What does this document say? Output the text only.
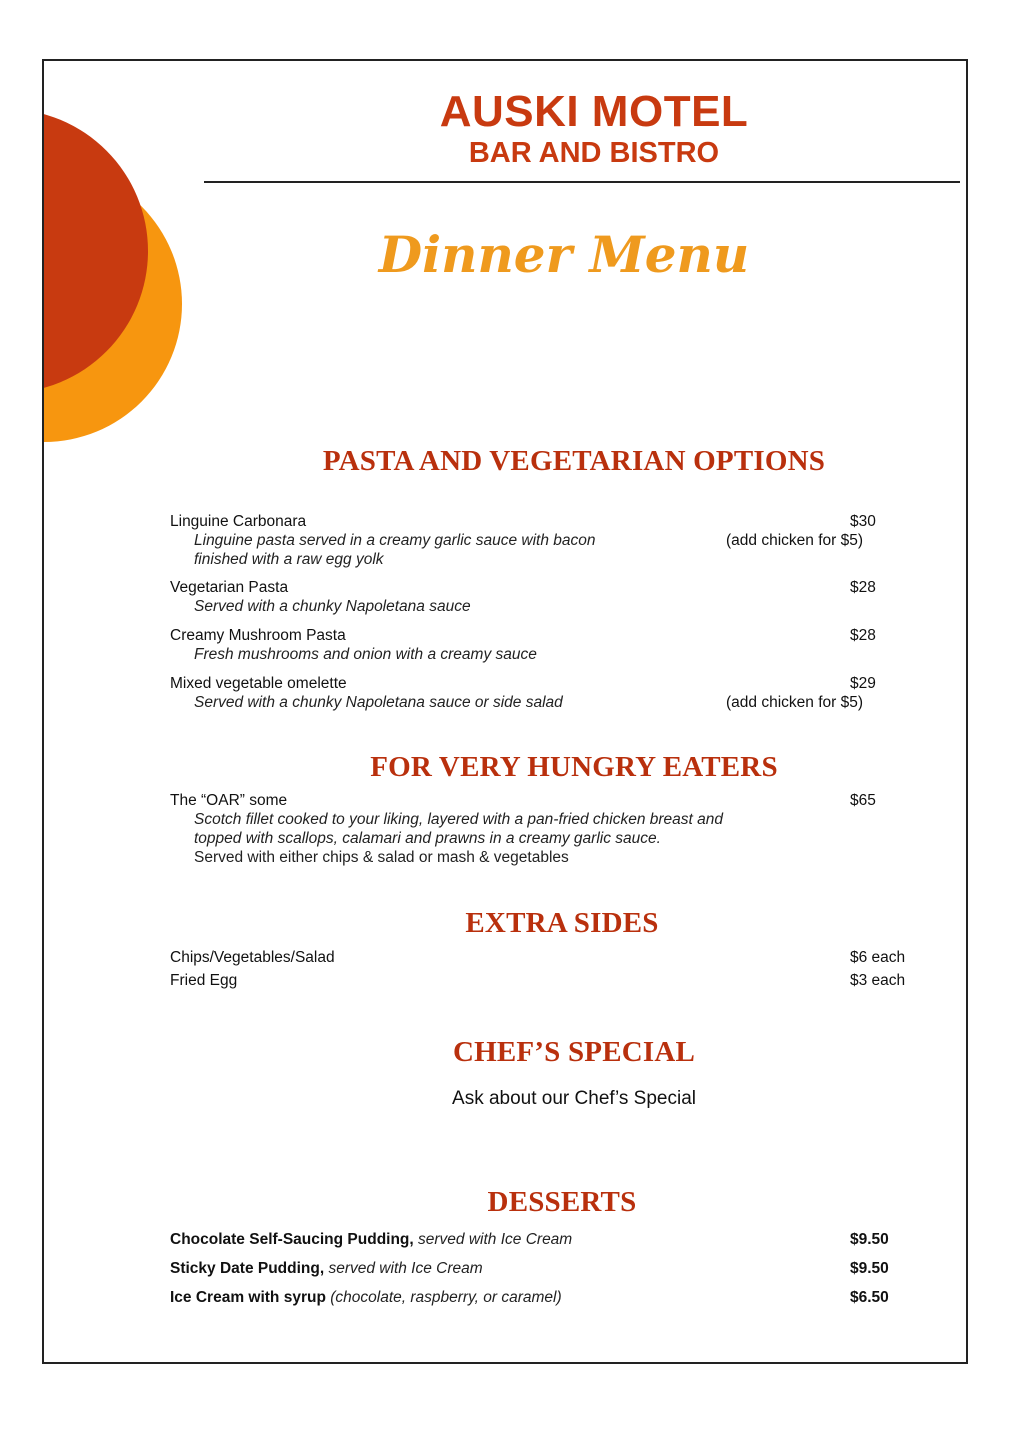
AUSKI MOTEL
BAR AND BISTRO
Dinner Menu
PASTA AND VEGETARIAN OPTIONS
Linguine Carbonara
Linguine pasta served in a creamy garlic sauce with bacon
finished with a raw egg yolk
$30
(add chicken for $5)
Vegetarian Pasta
Served with a chunky Napoletana sauce
$28
Creamy Mushroom Pasta
Fresh mushrooms and onion with a creamy sauce
$28
Mixed vegetable omelette
Served with a chunky Napoletana sauce or side salad
$29
(add chicken for $5)
FOR VERY HUNGRY EATERS
The “OAR” some
Scotch fillet cooked to your liking, layered with a pan-fried chicken breast and
topped with scallops, calamari and prawns in a creamy garlic sauce.
Served with either chips & salad or mash & vegetables
$65
EXTRA SIDES
Chips/Vegetables/Salad	$6 each
Fried Egg	$3 each
CHEF’S SPECIAL
Ask about our Chef’s Special
DESSERTS
Chocolate Self-Saucing Pudding, served with Ice Cream	$9.50
Sticky Date Pudding, served with Ice Cream	$9.50
Ice Cream with syrup (chocolate, raspberry, or caramel)	$6.50
